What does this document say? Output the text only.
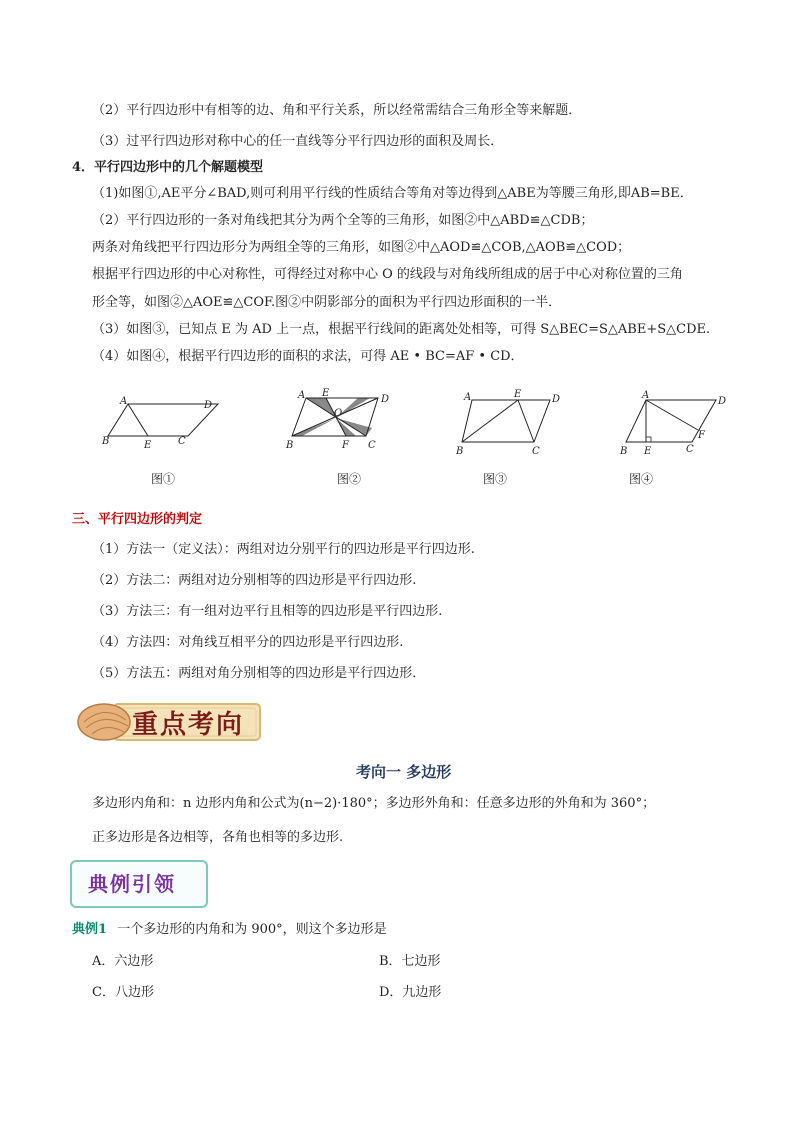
（2）平行四边形中有相等的边、角和平行关系，所以经常需结合三角形全等来解题．
（3）过平行四边形对称中心的任一直线等分平行四边形的面积及周长．
4．平行四边形中的几个解题模型
（1)如图①,AE平分∠BAD,则可利用平行线的性质结合等角对等边得到△ABE为等腰三角形,即AB=BE．
（2）平行四边形的一条对角线把其分为两个全等的三角形，如图②中△ABD≌△CDB；
两条对角线把平行四边形分为两组全等的三角形，如图②中△AOD≌△COB,△AOB≌△COD；
根据平行四边形的中心对称性，可得经过对称中心 O 的线段与对角线所组成的居于中心对称位置的三角
形全等，如图②△AOE≌△COF.图②中阴影部分的面积为平行四边形面积的一半．
（3）如图③，已知点 E 为 AD 上一点，根据平行线间的距离处处相等，可得 S△BEC=S△ABE+S△CDE.
（4）如图④，根据平行四边形的面积的求法，可得 AE • BC=AF • CD．
A	D
B	E	C
A E
D
O
B	F C
A	E	D
B	C
A
D
F
B E	C
图①	图②	图③	图④
三、平行四边形的判定
（1）方法一（定义法）：两组对边分别平行的四边形是平行四边形.
（2）方法二：两组对边分别相等的四边形是平行四边形.
（3）方法三：有一组对边平行且相等的四边形是平行四边形.
（4）方法四：对角线互相平分的四边形是平行四边形.
（5）方法五：两组对角分别相等的四边形是平行四边形．
重点考向
考向一 多边形
多边形内角和：n 边形内角和公式为(n−2)·180°；多边形外角和：任意多边形的外角和为 360°；
正多边形是各边相等，各角也相等的多边形.
典例引领
典例1 一个多边形的内角和为 900°，则这个多边形是
A．六边形	B．七边形
C．八边形	D．九边形
